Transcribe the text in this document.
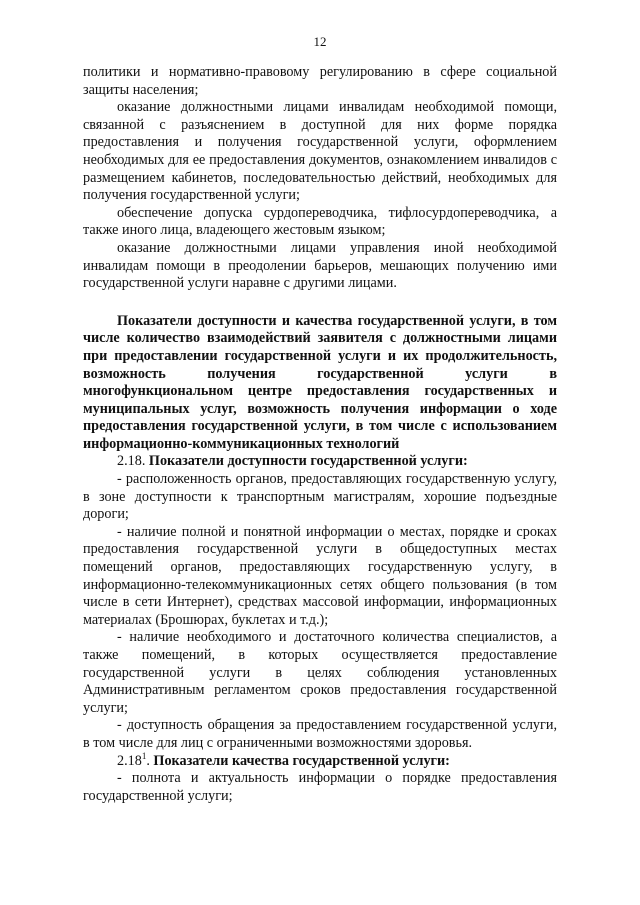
12

политики и нормативно-правовому регулированию в сфере социальной защиты населения;

оказание должностными лицами инвалидам необходимой помощи, связанной с разъяснением в доступной для них форме порядка предоставления и получения государственной услуги, оформлением необходимых для ее предоставления документов, ознакомлением инвалидов с размещением кабинетов, последовательностью действий, необходимых для получения государственной услуги;

обеспечение допуска сурдопереводчика, тифлосурдопереводчика, а также иного лица, владеющего жестовым языком;

оказание должностными лицами управления иной необходимой инвалидам помощи в преодолении барьеров, мешающих получению ими государственной услуги наравне с другими лицами.

Показатели доступности и качества государственной услуги, в том числе количество взаимодействий заявителя с должностными лицами при предоставлении государственной услуги и их продолжительность, возможность получения государственной услуги в многофункциональном центре предоставления государственных и муниципальных услуг, возможность получения информации о ходе предоставления государственной услуги, в том числе с использованием информационно-коммуникационных технологий

2.18. Показатели доступности государственной услуги:

- расположенность органов, предоставляющих государственную услугу, в зоне доступности к транспортным магистралям, хорошие подъездные дороги;

- наличие полной и понятной информации о местах, порядке и сроках предоставления государственной услуги в общедоступных местах помещений органов, предоставляющих государственную услугу, в информационно-телекоммуникационных сетях общего пользования (в том числе в сети Интернет), средствах массовой информации, информационных материалах (Брошюрах, буклетах и т.д.);

- наличие необходимого и достаточного количества специалистов, а также помещений, в которых осуществляется предоставление государственной услуги в целях соблюдения установленных Административным регламентом сроков предоставления государственной услуги;

- доступность обращения за предоставлением государственной услуги, в том числе для лиц с ограниченными возможностями здоровья.

2.18$^1$. Показатели качества государственной услуги:

- полнота и актуальность информации о порядке предоставления государственной услуги;
